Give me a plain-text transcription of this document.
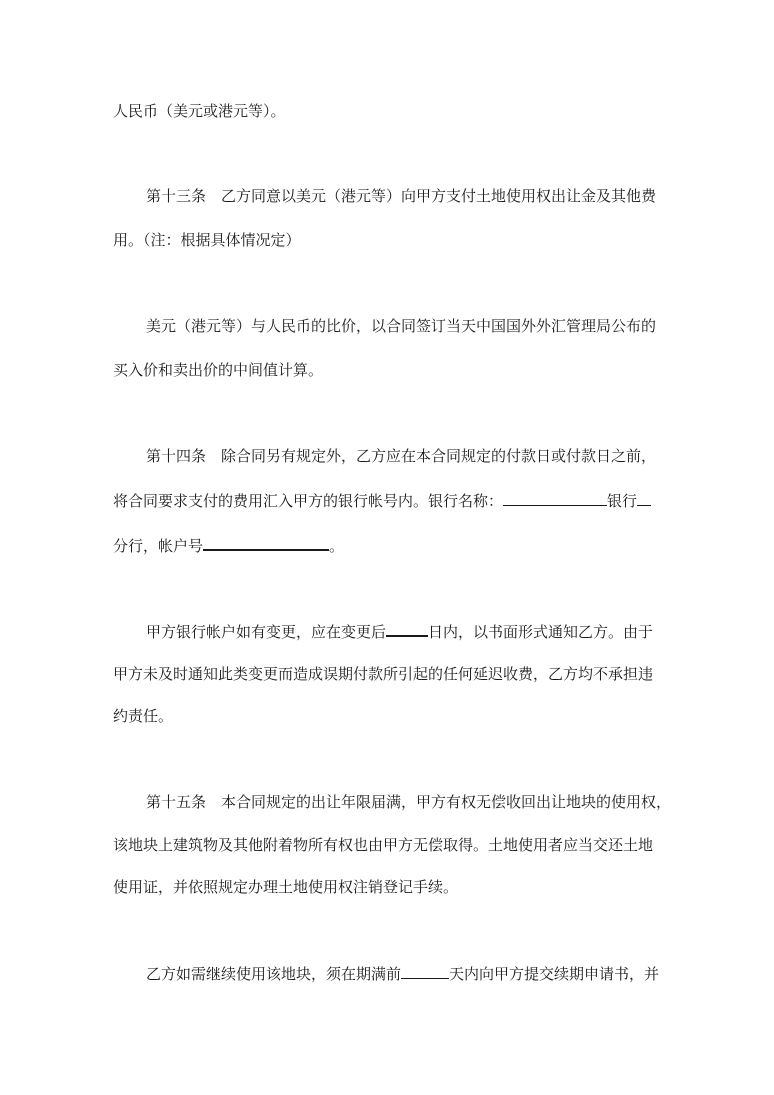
人民币（美元或港元等）。
第十三条 乙方同意以美元（港元等）向甲方支付土地使用权出让金及其他费
用。（注：根据具体情况定）
美元（港元等）与人民币的比价，以合同签订当天中国国外外汇管理局公布的
买入价和卖出价的中间值计算。
第十四条 除合同另有规定外，乙方应在本合同规定的付款日或付款日之前，
将合同要求支付的费用汇入甲方的银行帐号内。银行名称：	银行
分行，帐户号	。
甲方银行帐户如有变更，应在变更后	日内，以书面形式通知乙方。由于
甲方未及时通知此类变更而造成误期付款所引起的任何延迟收费，乙方均不承担违
约责任。
第十五条 本合同规定的出让年限届满，甲方有权无偿收回出让地块的使用权，
该地块上建筑物及其他附着物所有权也由甲方无偿取得。土地使用者应当交还土地
使用证，并依照规定办理土地使用权注销登记手续。
乙方如需继续使用该地块，须在期满前	天内向甲方提交续期申请书，并
